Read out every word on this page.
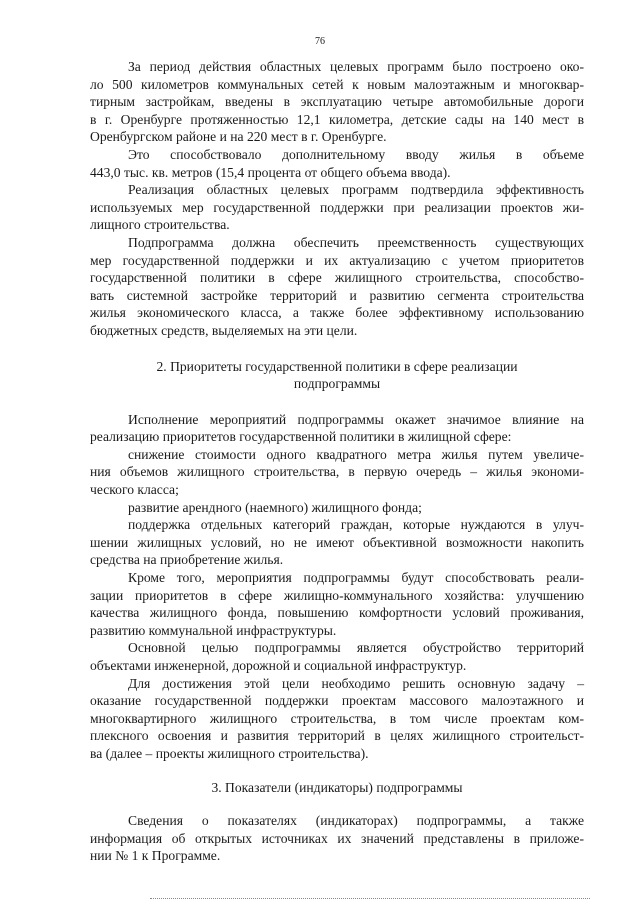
76
За период действия областных целевых программ было построено око-
ло 500 километров коммунальных сетей к новым малоэтажным и многоквар-
тирным застройкам, введены в эксплуатацию четыре автомобильные дороги
в г. Оренбурге протяженностью 12,1 километра, детские сады на 140 мест в
Оренбургском районе и на 220 мест в г. Оренбурге.
Это способствовало дополнительному вводу жилья в объеме
443,0 тыс. кв. метров (15,4 процента от общего объема ввода).
Реализация областных целевых программ подтвердила эффективность
используемых мер государственной поддержки при реализации проектов жи-
лищного строительства.
Подпрограмма должна обеспечить преемственность существующих
мер государственной поддержки и их актуализацию с учетом приоритетов
государственной политики в сфере жилищного строительства, способство-
вать системной застройке территорий и развитию сегмента строительства
жилья экономического класса, а также более эффективному использованию
бюджетных средств, выделяемых на эти цели.
2. Приоритеты государственной политики в сфере реализации
подпрограммы
Исполнение мероприятий подпрограммы окажет значимое влияние на
реализацию приоритетов государственной политики в жилищной сфере:
снижение стоимости одного квадратного метра жилья путем увеличе-
ния объемов жилищного строительства, в первую очередь – жилья экономи-
ческого класса;
развитие арендного (наемного) жилищного фонда;
поддержка отдельных категорий граждан, которые нуждаются в улуч-
шении жилищных условий, но не имеют объективной возможности накопить
средства на приобретение жилья.
Кроме того, мероприятия подпрограммы будут способствовать реали-
зации приоритетов в сфере жилищно-коммунального хозяйства: улучшению
качества жилищного фонда, повышению комфортности условий проживания,
развитию коммунальной инфраструктуры.
Основной целью подпрограммы является обустройство территорий
объектами инженерной, дорожной и социальной инфраструктур.
Для достижения этой цели необходимо решить основную задачу –
оказание государственной поддержки проектам массового малоэтажного и
многоквартирного жилищного строительства, в том числе проектам ком-
плексного освоения и развития территорий в целях жилищного строительст-
ва (далее – проекты жилищного строительства).
3. Показатели (индикаторы) подпрограммы
Сведения о показателях (индикаторах) подпрограммы, а также
информация об открытых источниках их значений представлены в приложе-
нии № 1 к Программе.
